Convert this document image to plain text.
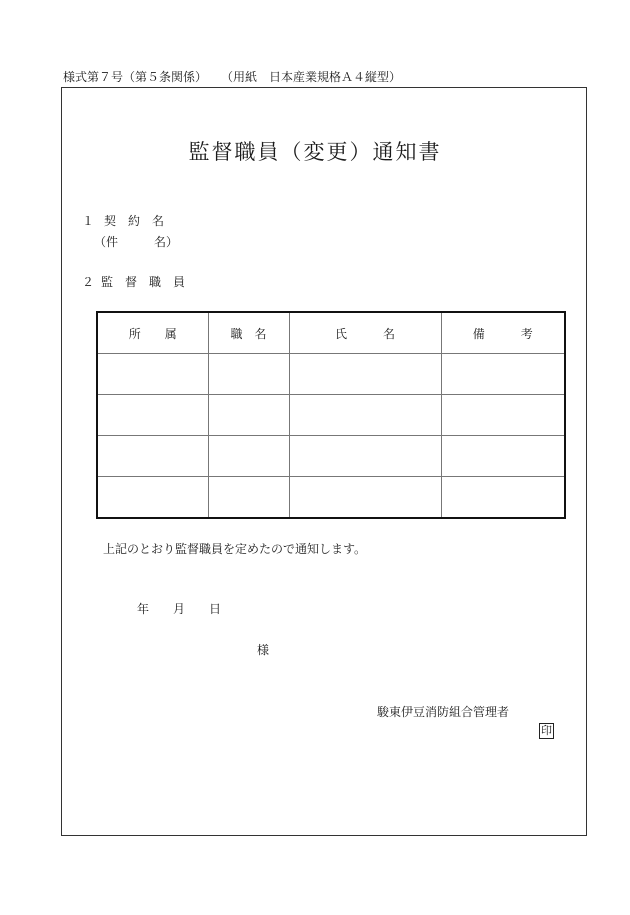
様式第７号（第５条関係） （用紙　日本産業規格Ａ４縦型）
監督職員（変更）通知書
１ 契　約　名
（件　　　名）
２ 監　督　職　員
所　　属	職　名	氏　　　名	備　　　考

上記のとおり監督職員を定めたので通知します。
年 月 日
様
駿東伊豆消防組合管理者
印
